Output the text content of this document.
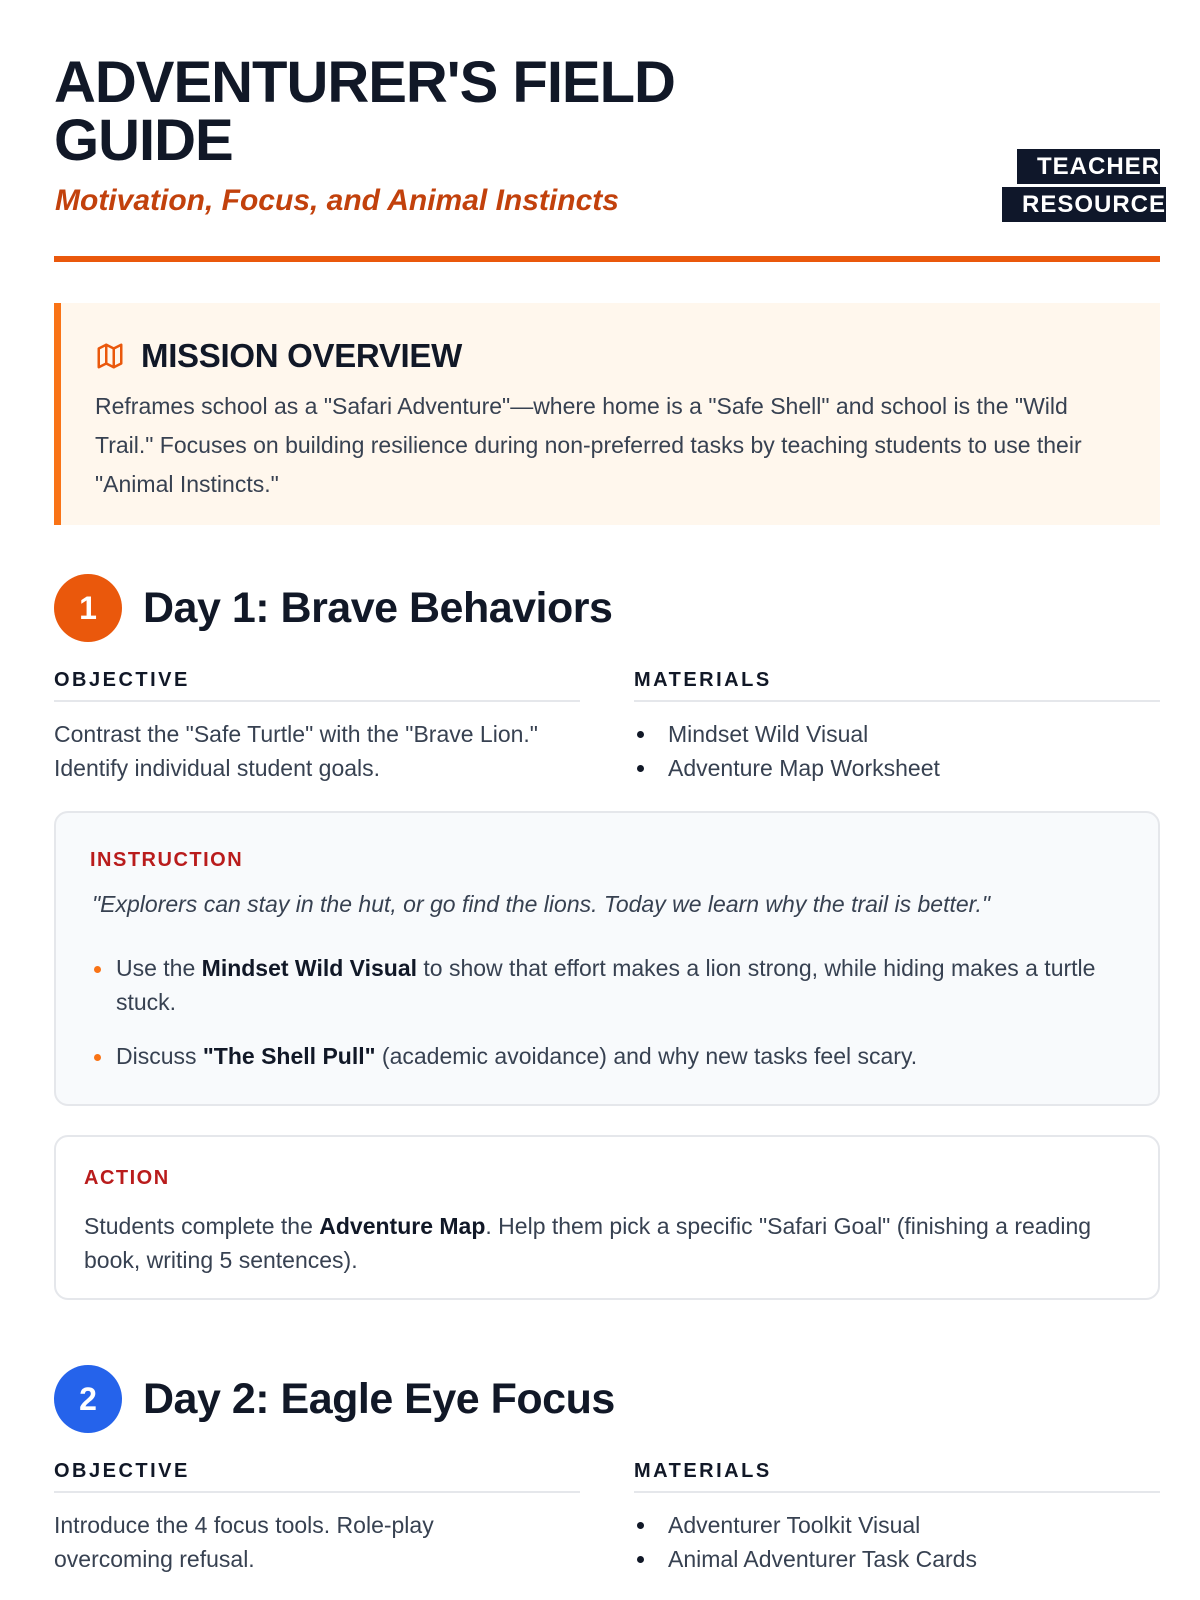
ADVENTURER'S FIELD GUIDE

Motivation, Focus, and Animal Instincts

TEACHER RESOURCE
MISSION OVERVIEW

Reframes school as a "Safari Adventure"—where home is a "Safe Shell" and school is the "Wild Trail." Focuses on building resilience during non-preferred tasks by teaching students to use their "Animal Instincts."

1	Day 1: Brave Behaviors
OBJECTIVE

Contrast the "Safe Turtle" with the "Brave Lion." Identify individual student goals.

MATERIALS
Mindset Wild Visual
Adventure Map Worksheet
INSTRUCTION

"Explorers can stay in the hut, or go find the lions. Today we learn why the trail is better."

Use the Mindset Wild Visual to show that effort makes a lion strong, while hiding makes a turtle stuck.
Discuss "The Shell Pull" (academic avoidance) and why new tasks feel scary.
ACTION

Students complete the Adventure Map. Help them pick a specific "Safari Goal" (finishing a reading book, writing 5 sentences).

2	Day 2: Eagle Eye Focus
OBJECTIVE

Introduce the 4 focus tools. Role-play overcoming refusal.

MATERIALS
Adventurer Toolkit Visual
Animal Adventurer Task Cards
